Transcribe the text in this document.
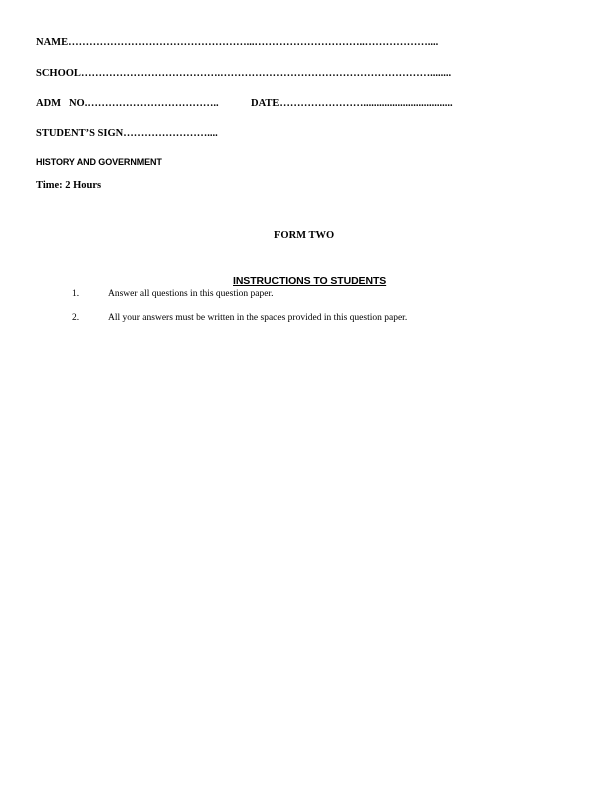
NAME……………………………………………...…………………………..………………....
SCHOOL………………………………….……………………………………………………........
ADM   NO.………………………………..	DATE……………………..................................
STUDENT’S SIGN……………………....
HISTORY AND GOVERNMENT
Time: 2 Hours
FORM TWO
INSTRUCTIONS TO STUDENTS
1.	Answer all questions in this question paper.
2.	All your answers must be written in the spaces provided in this question paper.
